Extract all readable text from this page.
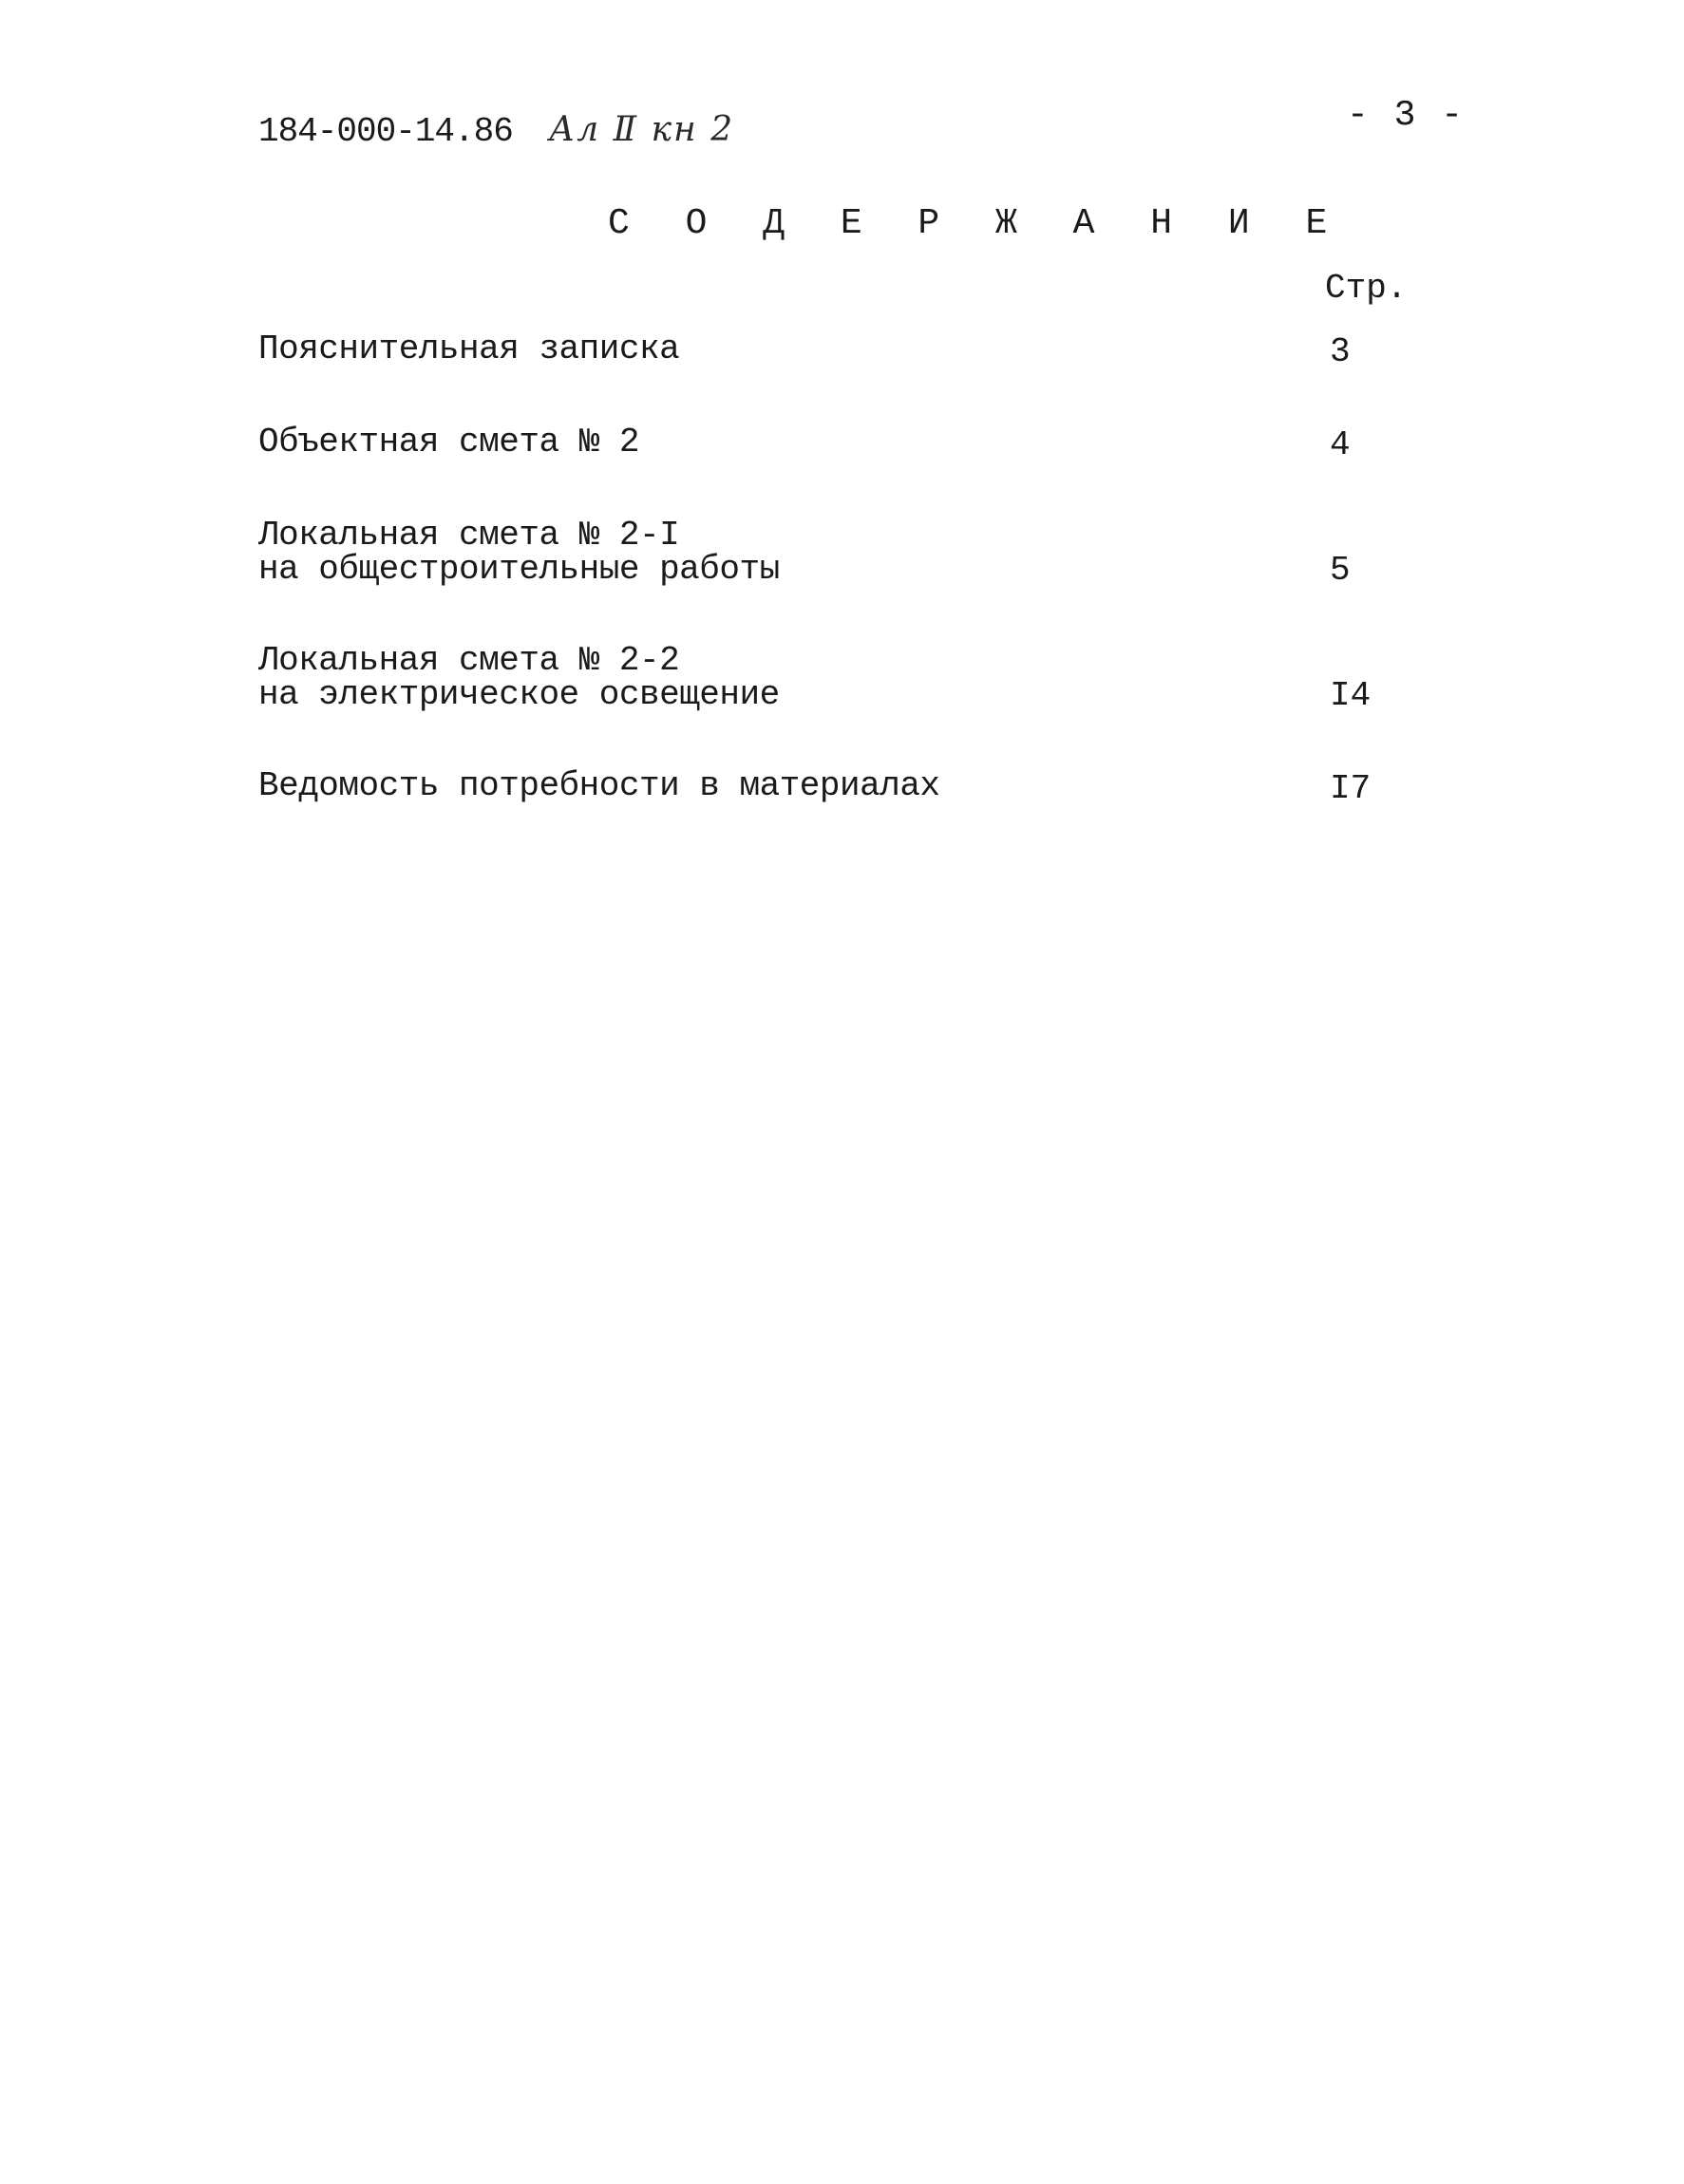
184-000-14.86 Ал Ⅱ кн 2	- 3 -
С О Д Е Р Ж А Н И Е
Стр.
Пояснительная записка	3
Объектная смета № 2	4
Локальная смета № 2-I
на общестроительные работы	5
Локальная смета № 2-2
на электрическое освещение	I4
Ведомость потребности в материалах	I7
